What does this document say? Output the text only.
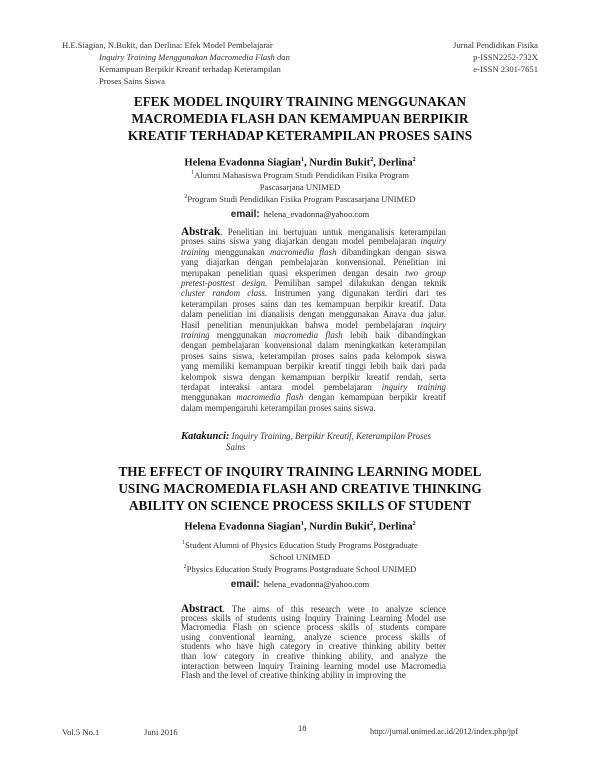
H.E.Siagian, N.Bukit, dan Derlina: Efek Model Pembelajarar
Inquiry Training Menggunakan Macromedia Flash dan
Kemampuan Berpikir Kreatif terhadap Keterampilan
Proses Sains Siswa
Jurnal Pendidikan Fisika
p-ISSN2252-732X
e-ISSN 2301-7651
EFEK MODEL INQUIRY TRAINING MENGGUNAKAN
MACROMEDIA FLASH DAN KEMAMPUAN BERPIKIR
KREATIF TERHADAP KETERAMPILAN PROSES SAINS
Helena Evadonna Siagian$^1$, Nurdin Bukit$^2$, Derlina$^2$
$^1$Alumni Mahasiswa Program Studi Pendidikan Fisika Program
Pascasarjana UNIMED
$^2$Program Studi Pendidikan Fisika Program Pascasarjana UNIMED
email: helena_evadonna@yahoo.com
Abstrak. Penelitian ini bertujuan untuk menganalisis keterampilan
proses sains siswa yang diajarkan dengan model pembelajaran inquiry
training menggunakan macromedia flash dibandingkan dengan siswa
yang diajarkan dengan pembelajaran konvensional. Penelitian ini
merupakan penelitian quasi eksperimen dengan desain two group
pretest-posttest design. Pemilihan sampel dilakukan dengan teknik
cluster random class. Instrumen yang digunakan terdiri dari tes
keterampilan proses sains dan tes kemampuan berpikir kreatif. Data
dalam penelitian ini dianalisis dengan menggunakan Anava dua jalur.
Hasil penelitian menunjukkan bahwa model pembelajaran inquiry
training menggunakan macromedia flash lebih baik dibandingkan
dengan pembelajaran konvensional dalam meningkatkan keterampilan
proses sains siswa, keterampilan proses sains pada kelompok siswa
yang memiliki kemampuan berpikir kreatif tinggi lebih baik dari pada
kelompok siswa dengan kemampuan berpikir kreatif rendah, serta
terdapat interaksi antara model pembelajaran inquiry training
menggunakan macromedia flash dengan kemampuan berpikir kreatif
dalam mempengaruhi keterampilan proses sains siswa.
Katakunci: Inquiry Training, Berpikir Kreatif, Keterampilan Proses
Sains
THE EFFECT OF INQUIRY TRAINING LEARNING MODEL
USING MACROMEDIA FLASH AND CREATIVE THINKING
ABILITY ON SCIENCE PROCESS SKILLS OF STUDENT
Helena Evadonna Siagian$^1$, Nurdin Bukit$^2$, Derlina$^2$
$^1$Student Alumni of Physics Education Study Programs Postgraduate
School UNIMED
$^2$Physics Education Study Programs Postgraduate School UNIMED
email: helena_evadonna@yahoo.com
Abstract. The aims of this research were to analyze science
process skills of students using Inquiry Training Learning Model use
Macromedia Flash on science process skills of students compare
using conventional learning, analyze science process skills of
students who have high category in creative thinking ability better
than low category in creative thinking ability, and analyze the
interaction between Inquiry Training learning model use Macromedia
Flash and the level of creative thinking ability in improving the
Vol.5 No.1	Juni 2016	18	http://jurnal.unimed.ac.id/2012/index.php/jpf
